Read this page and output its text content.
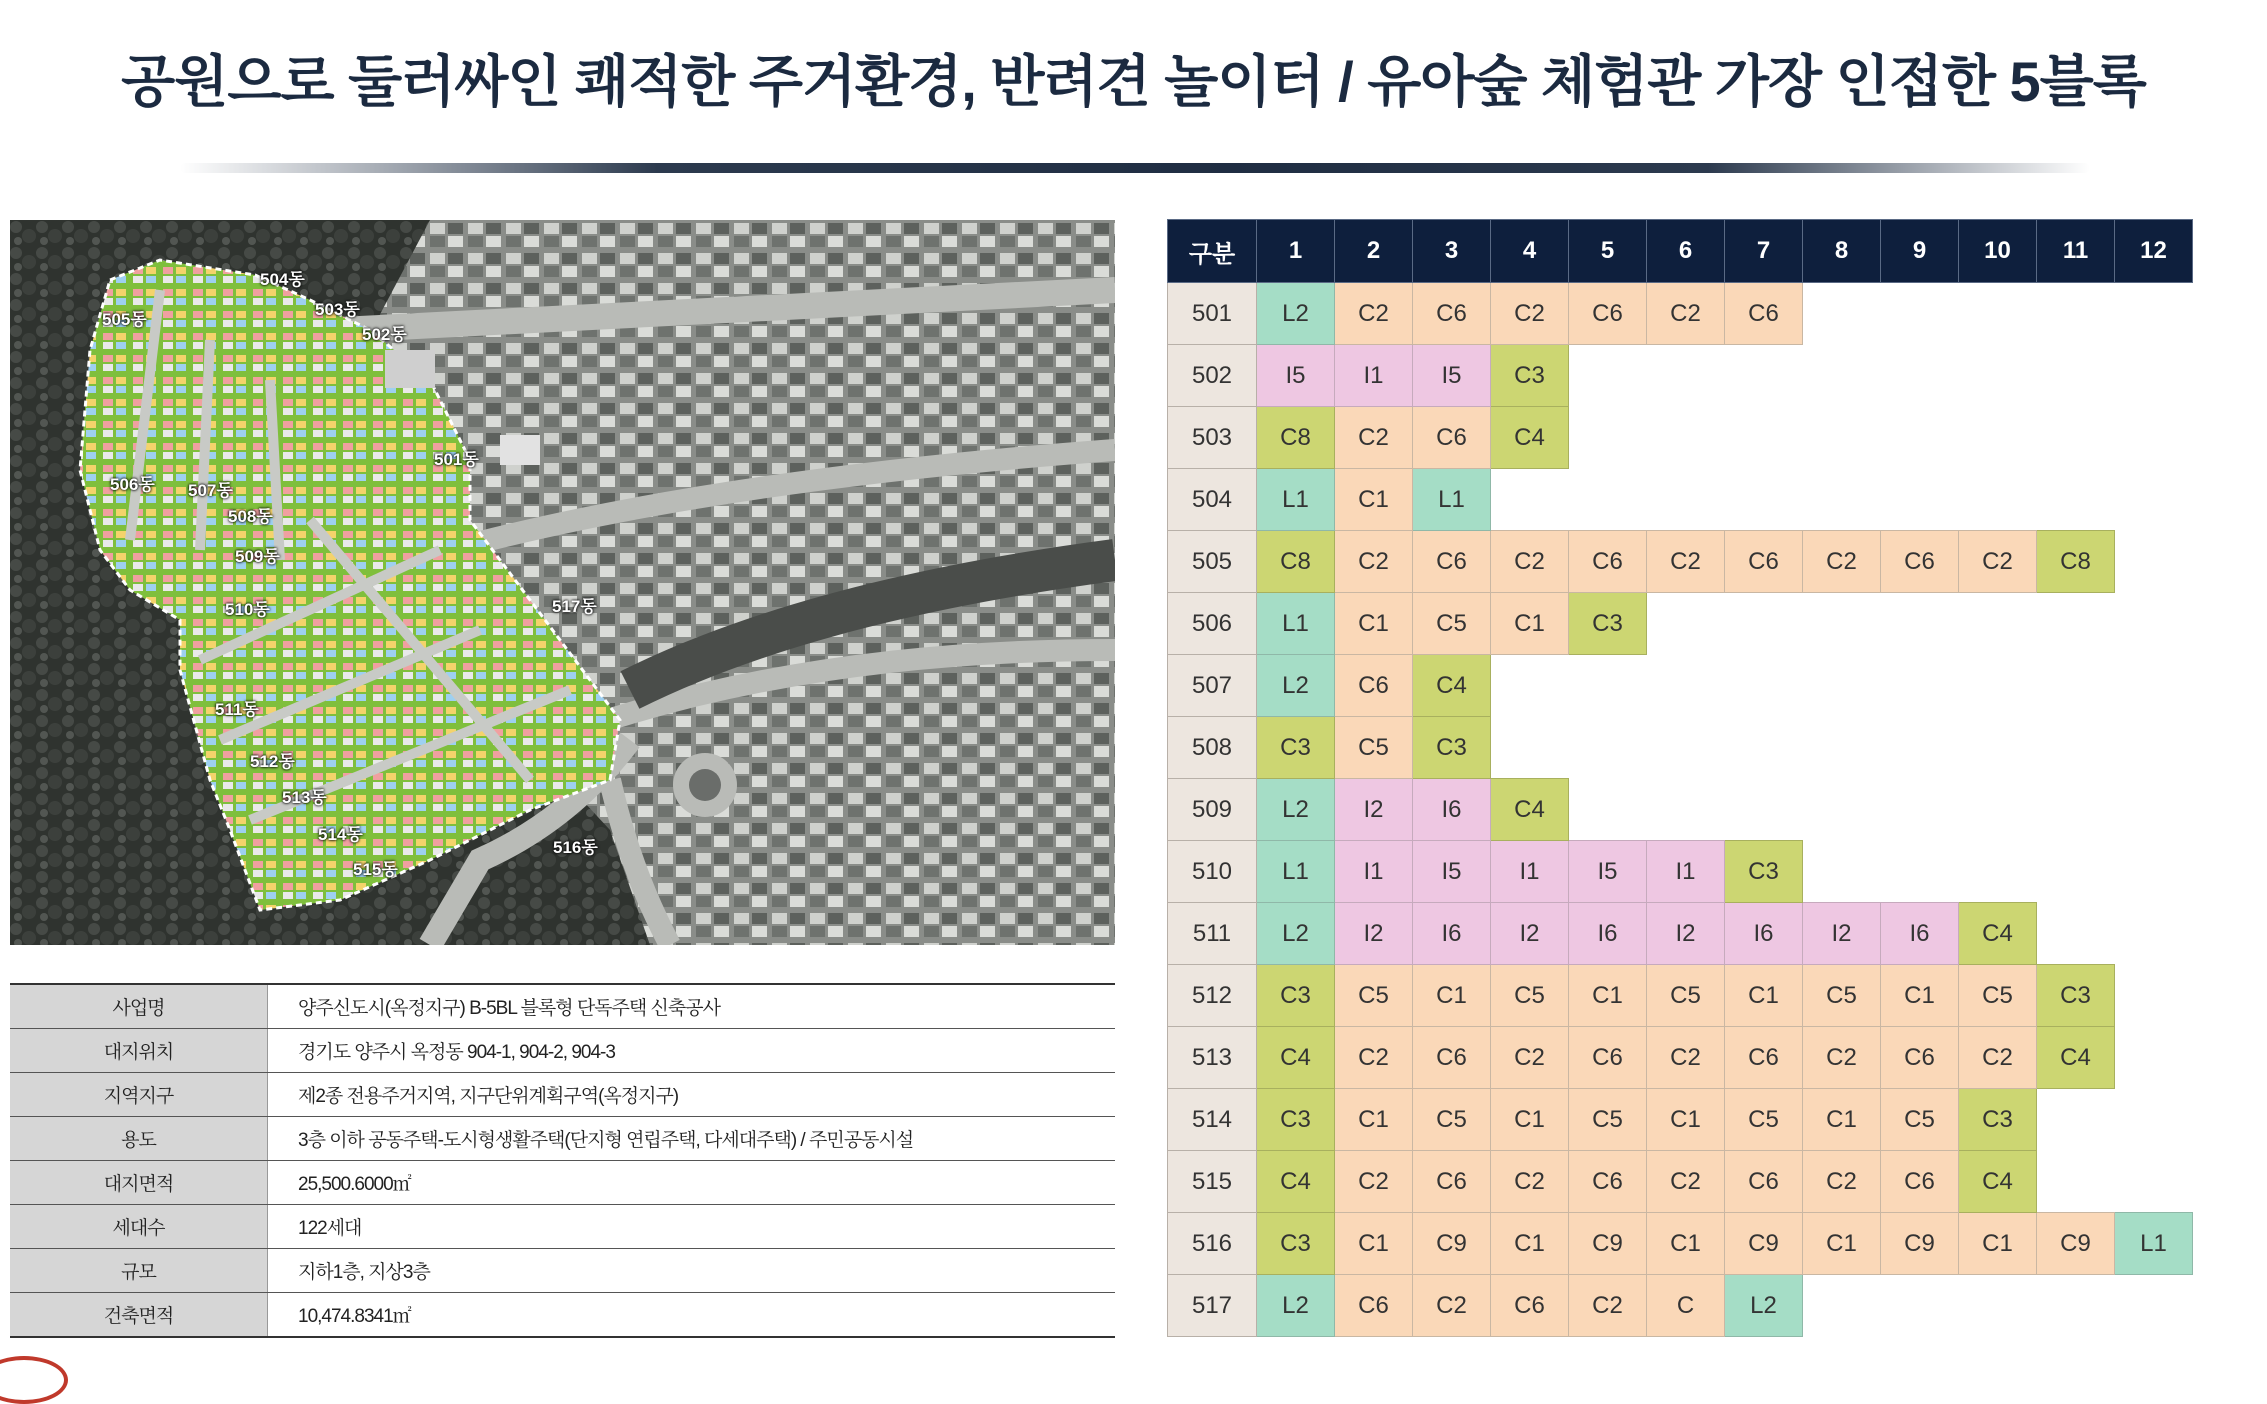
공원으로 둘러싸인 쾌적한 주거환경, 반려견 놀이터 / 유아숲 체험관 가장 인접한 5블록
504동
505동
503동
502동
501동
506동 507동
508동
509동
510동	517동
511동
512동
513동
514동
515동
516동
사업명	양주신도시(옥정지구) B-5BL 블록형 단독주택 신축공사
대지위치	경기도 양주시 옥정동 904-1, 904-2, 904-3
지역지구	제2종 전용주거지역, 지구단위계획구역(옥정지구)
용도	3층 이하 공동주택-도시형생활주택(단지형 연립주택, 다세대주택) / 주민공동시설
대지면적	25,500.6000㎡
세대수	122세대
규모	지하1층, 지상3층
건축면적	10,474.8341㎡
구분	1	2	3	4	5	6	7	8	9	10	11	12
501	L2	C2	C6	C2	C6	C2	C6					
502	I5	I1	I5	C3								
503	C8	C2	C6	C4								
504	L1	C1	L1									
505	C8	C2	C6	C2	C6	C2	C6	C2	C6	C2	C8	
506	L1	C1	C5	C1	C3							
507	L2	C6	C4									
508	C3	C5	C3									
509	L2	I2	I6	C4								
510	L1	I1	I5	I1	I5	I1	C3					
511	L2	I2	I6	I2	I6	I2	I6	I2	I6	C4		
512	C3	C5	C1	C5	C1	C5	C1	C5	C1	C5	C3	
513	C4	C2	C6	C2	C6	C2	C6	C2	C6	C2	C4	
514	C3	C1	C5	C1	C5	C1	C5	C1	C5	C3		
515	C4	C2	C6	C2	C6	C2	C6	C2	C6	C4		
516	C3	C1	C9	C1	C9	C1	C9	C1	C9	C1	C9	L1
517	L2	C6	C2	C6	C2	C	L2					
